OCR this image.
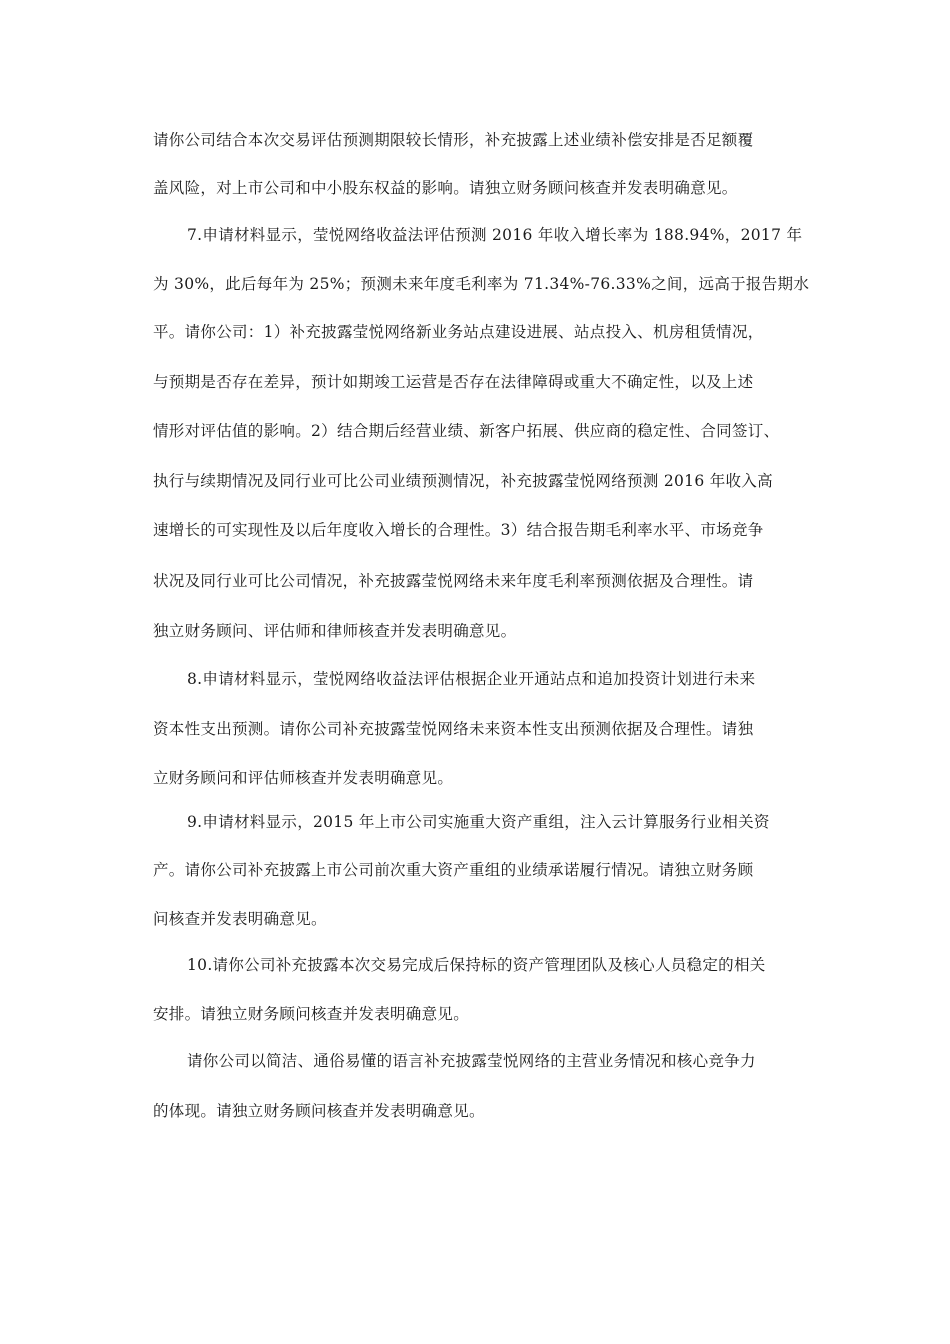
请你公司结合本次交易评估预测期限较长情形，补充披露上述业绩补偿安排是否足额覆
盖风险，对上市公司和中小股东权益的影响。请独立财务顾问核查并发表明确意见。
7.申请材料显示，莹悦网络收益法评估预测 2016 年收入增长率为 188.94%，2017 年
为 30%，此后每年为 25%；预测未来年度毛利率为 71.34%-76.33%之间，远高于报告期水
平。请你公司：1）补充披露莹悦网络新业务站点建设进展、站点投入、机房租赁情况，
与预期是否存在差异，预计如期竣工运营是否存在法律障碍或重大不确定性，以及上述
情形对评估值的影响。2）结合期后经营业绩、新客户拓展、供应商的稳定性、合同签订、
执行与续期情况及同行业可比公司业绩预测情况，补充披露莹悦网络预测 2016 年收入高
速增长的可实现性及以后年度收入增长的合理性。3）结合报告期毛利率水平、市场竞争
状况及同行业可比公司情况，补充披露莹悦网络未来年度毛利率预测依据及合理性。请
独立财务顾问、评估师和律师核查并发表明确意见。
8.申请材料显示，莹悦网络收益法评估根据企业开通站点和追加投资计划进行未来
资本性支出预测。请你公司补充披露莹悦网络未来资本性支出预测依据及合理性。请独
立财务顾问和评估师核查并发表明确意见。
9.申请材料显示，2015 年上市公司实施重大资产重组，注入云计算服务行业相关资
产。请你公司补充披露上市公司前次重大资产重组的业绩承诺履行情况。请独立财务顾
问核查并发表明确意见。
10.请你公司补充披露本次交易完成后保持标的资产管理团队及核心人员稳定的相关
安排。请独立财务顾问核查并发表明确意见。
请你公司以简洁、通俗易懂的语言补充披露莹悦网络的主营业务情况和核心竞争力
的体现。请独立财务顾问核查并发表明确意见。
